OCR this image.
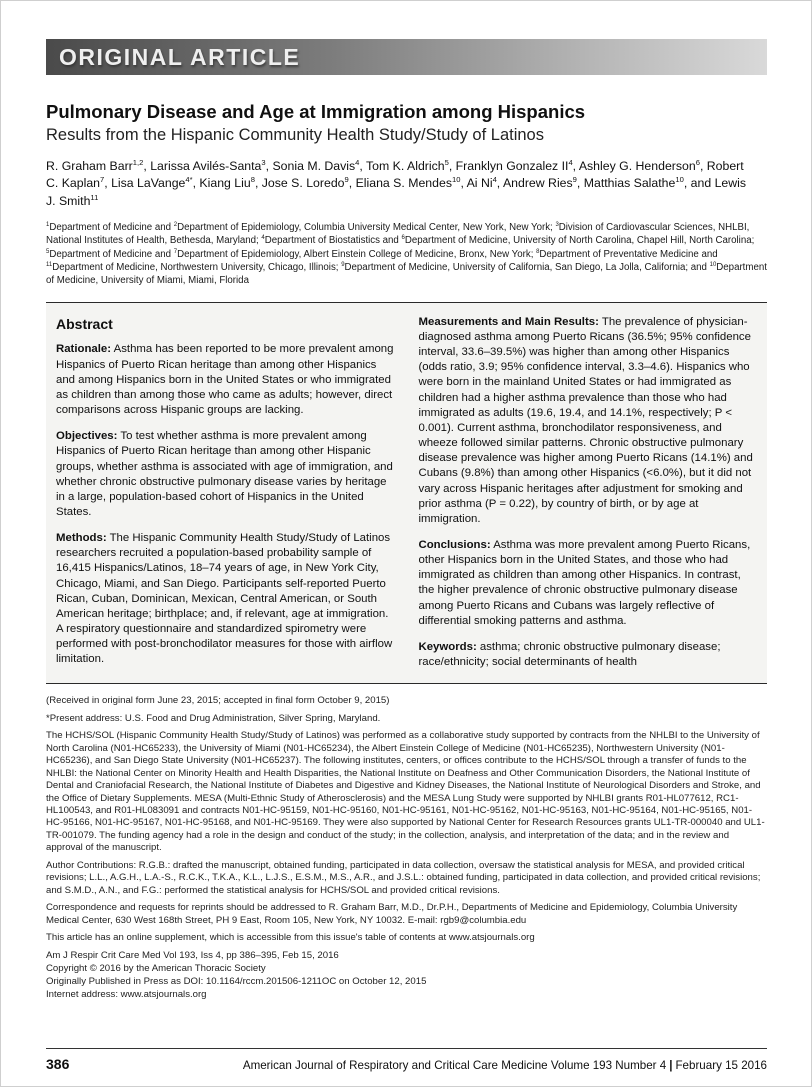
ORIGINAL ARTICLE
Pulmonary Disease and Age at Immigration among Hispanics
Results from the Hispanic Community Health Study/Study of Latinos

R. Graham Barr$^{1,2}$, Larissa Avilés-Santa$^3$, Sonia M. Davis$^4$, Tom K. Aldrich$^5$, Franklyn Gonzalez $II^4$, Ashley G. Henderson$^6$, Robert C. Kaplan$^7$, Lisa LaVange$^{4*}$, Kiang Liu$^8$, Jose S. Loredo$^9$, Eliana S. Mendes$^{10}$, Ai Ni$^4$, Andrew Ries$^9$, Matthias Salathe$^{10}$, and Lewis J. Smith$^{11}$

$^1$Department of Medicine and $^2$Department of Epidemiology, Columbia University Medical Center, New York, New York; $^3$Division of Cardiovascular Sciences, NHLBI, National Institutes of Health, Bethesda, Maryland; $^4$Department of Biostatistics and $^6$Department of Medicine, University of North Carolina, Chapel Hill, North Carolina; $^5$Department of Medicine and $^7$Department of Epidemiology, Albert Einstein College of Medicine, Bronx, New York; $^8$Department of Preventative Medicine and $^{11}$Department of Medicine, Northwestern University, Chicago, Illinois; $^9$Department of Medicine, University of California, San Diego, La Jolla, California; and $^{10}$Department of Medicine, University of Miami, Miami, Florida

Abstract

Rationale: Asthma has been reported to be more prevalent among Hispanics of Puerto Rican heritage than among other Hispanics and among Hispanics born in the United States or who immigrated as children than among those who came as adults; however, direct comparisons across Hispanic groups are lacking.

Objectives: To test whether asthma is more prevalent among Hispanics of Puerto Rican heritage than among other Hispanic groups, whether asthma is associated with age of immigration, and whether chronic obstructive pulmonary disease varies by heritage in a large, population-based cohort of Hispanics in the United States.

Methods: The Hispanic Community Health Study/Study of Latinos researchers recruited a population-based probability sample of 16,415 Hispanics/Latinos, 18–74 years of age, in New York City, Chicago, Miami, and San Diego. Participants self-reported Puerto Rican, Cuban, Dominican, Mexican, Central American, or South American heritage; birthplace; and, if relevant, age at immigration. A respiratory questionnaire and standardized spirometry were performed with post-bronchodilator measures for those with airflow limitation.

Measurements and Main Results: The prevalence of physician-diagnosed asthma among Puerto Ricans (36.5%; 95% confidence interval, 33.6–39.5%) was higher than among other Hispanics (odds ratio, 3.9; 95% confidence interval, 3.3–4.6). Hispanics who were born in the mainland United States or had immigrated as children had a higher asthma prevalence than those who had immigrated as adults (19.6, 19.4, and 14.1%, respectively; P < 0.001). Current asthma, bronchodilator responsiveness, and wheeze followed similar patterns. Chronic obstructive pulmonary disease prevalence was higher among Puerto Ricans (14.1%) and Cubans (9.8%) than among other Hispanics (<6.0%), but it did not vary across Hispanic heritages after adjustment for smoking and prior asthma (P = 0.22), by country of birth, or by age at immigration.

Conclusions: Asthma was more prevalent among Puerto Ricans, other Hispanics born in the United States, and those who had immigrated as children than among other Hispanics. In contrast, the higher prevalence of chronic obstructive pulmonary disease among Puerto Ricans and Cubans was largely reflective of differential smoking patterns and asthma.

Keywords: asthma; chronic obstructive pulmonary disease; race/ethnicity; social determinants of health

(Received in original form June 23, 2015; accepted in final form October 9, 2015)

*Present address: U.S. Food and Drug Administration, Silver Spring, Maryland.

The HCHS/SOL (Hispanic Community Health Study/Study of Latinos) was performed as a collaborative study supported by contracts from the NHLBI to the University of North Carolina (N01-HC65233), the University of Miami (N01-HC65234), the Albert Einstein College of Medicine (N01-HC65235), Northwestern University (N01-HC65236), and San Diego State University (N01-HC65237). The following institutes, centers, or offices contribute to the HCHS/SOL through a transfer of funds to the NHLBI: the National Center on Minority Health and Health Disparities, the National Institute on Deafness and Other Communication Disorders, the National Institute of Dental and Craniofacial Research, the National Institute of Diabetes and Digestive and Kidney Diseases, the National Institute of Neurological Disorders and Stroke, and the Office of Dietary Supplements. MESA (Multi-Ethnic Study of Atherosclerosis) and the MESA Lung Study were supported by NHLBI grants R01-HL077612, RC1-HL100543, and R01-HL083091 and contracts N01-HC-95159, N01-HC-95160, N01-HC-95161, N01-HC-95162, N01-HC-95163, N01-HC-95164, N01-HC-95165, N01-HC-95166, N01-HC-95167, N01-HC-95168, and N01-HC-95169. They were also supported by National Center for Research Resources grants UL1-TR-000040 and UL1-TR-001079. The funding agency had a role in the design and conduct of the study; in the collection, analysis, and interpretation of the data; and in the review and approval of the manuscript.

Author Contributions: R.G.B.: drafted the manuscript, obtained funding, participated in data collection, oversaw the statistical analysis for MESA, and provided critical revisions; L.L., A.G.H., L.A.-S., R.C.K., T.K.A., K.L., L.J.S., E.S.M., M.S., A.R., and J.S.L.: obtained funding, participated in data collection, and provided critical revisions; and S.M.D., A.N., and F.G.: performed the statistical analysis for HCHS/SOL and provided critical revisions.

Correspondence and requests for reprints should be addressed to R. Graham Barr, M.D., Dr.P.H., Departments of Medicine and Epidemiology, Columbia University Medical Center, 630 West 168th Street, PH 9 East, Room 105, New York, NY 10032. E-mail: rgb9@columbia.edu

This article has an online supplement, which is accessible from this issue's table of contents at www.atsjournals.org

Am J Respir Crit Care Med Vol 193, Iss 4, pp 386–395, Feb 15, 2016

Copyright © 2016 by the American Thoracic Society

Originally Published in Press as DOI: 10.1164/rccm.201506-1211OC on October 12, 2015

Internet address: www.atsjournals.org

386	American Journal of Respiratory and Critical Care Medicine Volume 193 Number 4 | February 15 2016
